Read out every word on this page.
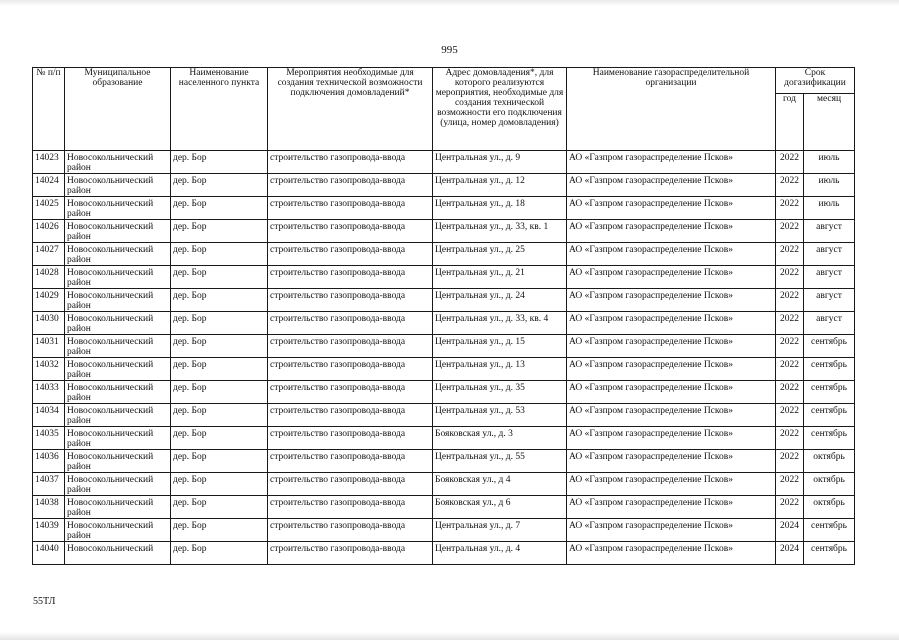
995
№ п/п	Муниципальное образование	Наименование населенного пункта	Мероприятия необходимые для создания технической возможности подключения домовладений*	Адрес домовладения*, для которого реализуются мероприятия, необходимые для создания технической возможности его подключения (улица, номер домовладения)	Наименование газораспределительной организации	Срок догазификации	
						год	месяц
14023	Новосокольнический район	дер. Бор	строительство газопровода-ввода	Центральная ул., д. 9	АО «Газпром газораспределение Псков»	2022	июль
14024	Новосокольнический район	дер. Бор	строительство газопровода-ввода	Центральная ул., д. 12	АО «Газпром газораспределение Псков»	2022	июль
14025	Новосокольнический район	дер. Бор	строительство газопровода-ввода	Центральная ул., д. 18	АО «Газпром газораспределение Псков»	2022	июль
14026	Новосокольнический район	дер. Бор	строительство газопровода-ввода	Центральная ул., д. 33, кв. 1	АО «Газпром газораспределение Псков»	2022	август
14027	Новосокольнический район	дер. Бор	строительство газопровода-ввода	Центральная ул., д. 25	АО «Газпром газораспределение Псков»	2022	август
14028	Новосокольнический район	дер. Бор	строительство газопровода-ввода	Центральная ул., д. 21	АО «Газпром газораспределение Псков»	2022	август
14029	Новосокольнический район	дер. Бор	строительство газопровода-ввода	Центральная ул., д. 24	АО «Газпром газораспределение Псков»	2022	август
14030	Новосокольнический район	дер. Бор	строительство газопровода-ввода	Центральная ул., д. 33, кв. 4	АО «Газпром газораспределение Псков»	2022	август
14031	Новосокольнический район	дер. Бор	строительство газопровода-ввода	Центральная ул., д. 15	АО «Газпром газораспределение Псков»	2022	сентябрь
14032	Новосокольнический район	дер. Бор	строительство газопровода-ввода	Центральная ул., д. 13	АО «Газпром газораспределение Псков»	2022	сентябрь
14033	Новосокольнический район	дер. Бор	строительство газопровода-ввода	Центральная ул., д. 35	АО «Газпром газораспределение Псков»	2022	сентябрь
14034	Новосокольнический район	дер. Бор	строительство газопровода-ввода	Центральная ул., д. 53	АО «Газпром газораспределение Псков»	2022	сентябрь
14035	Новосокольнический район	дер. Бор	строительство газопровода-ввода	Бояковская ул., д. 3	АО «Газпром газораспределение Псков»	2022	сентябрь
14036	Новосокольнический район	дер. Бор	строительство газопровода-ввода	Центральная ул., д. 55	АО «Газпром газораспределение Псков»	2022	октябрь
14037	Новосокольнический район	дер. Бор	строительство газопровода-ввода	Бояковская ул., д 4	АО «Газпром газораспределение Псков»	2022	октябрь
14038	Новосокольнический район	дер. Бор	строительство газопровода-ввода	Бояковская ул., д 6	АО «Газпром газораспределение Псков»	2022	октябрь
14039	Новосокольнический район	дер. Бор	строительство газопровода-ввода	Центральная ул., д. 7	АО «Газпром газораспределение Псков»	2024	сентябрь
14040	Новосокольнический	дер. Бор	строительство газопровода-ввода	Центральная ул., д. 4	АО «Газпром газораспределение Псков»	2024	сентябрь
55ТЛ
